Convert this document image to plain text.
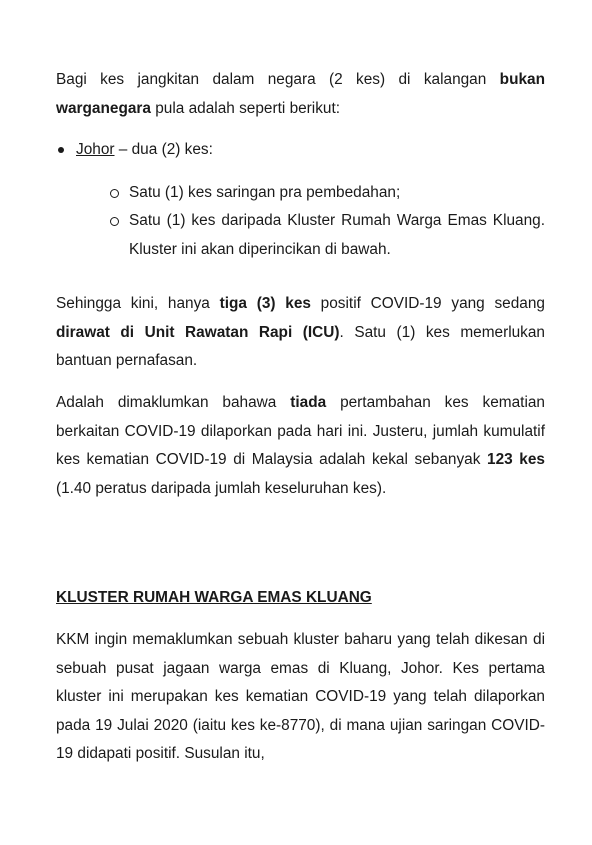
Bagi kes jangkitan dalam negara (2 kes) di kalangan bukan warganegara pula adalah seperti berikut:

Johor – dua (2) kes:
Satu (1) kes saringan pra pembedahan;
Satu (1) kes daripada Kluster Rumah Warga Emas Kluang. Kluster ini akan diperincikan di bawah.

Sehingga kini, hanya tiga (3) kes positif COVID-19 yang sedang dirawat di Unit Rawatan Rapi (ICU). Satu (1) kes memerlukan bantuan pernafasan.

Adalah dimaklumkan bahawa tiada pertambahan kes kematian berkaitan COVID-19 dilaporkan pada hari ini. Justeru, jumlah kumulatif kes kematian COVID-19 di Malaysia adalah kekal sebanyak 123 kes (1.40 peratus daripada jumlah keseluruhan kes).

KLUSTER RUMAH WARGA EMAS KLUANG

KKM ingin memaklumkan sebuah kluster baharu yang telah dikesan di sebuah pusat jagaan warga emas di Kluang, Johor. Kes pertama kluster ini merupakan kes kematian COVID-19 yang telah dilaporkan pada 19 Julai 2020 (iaitu kes ke-8770), di mana ujian saringan COVID-19 didapati positif. Susulan itu,
